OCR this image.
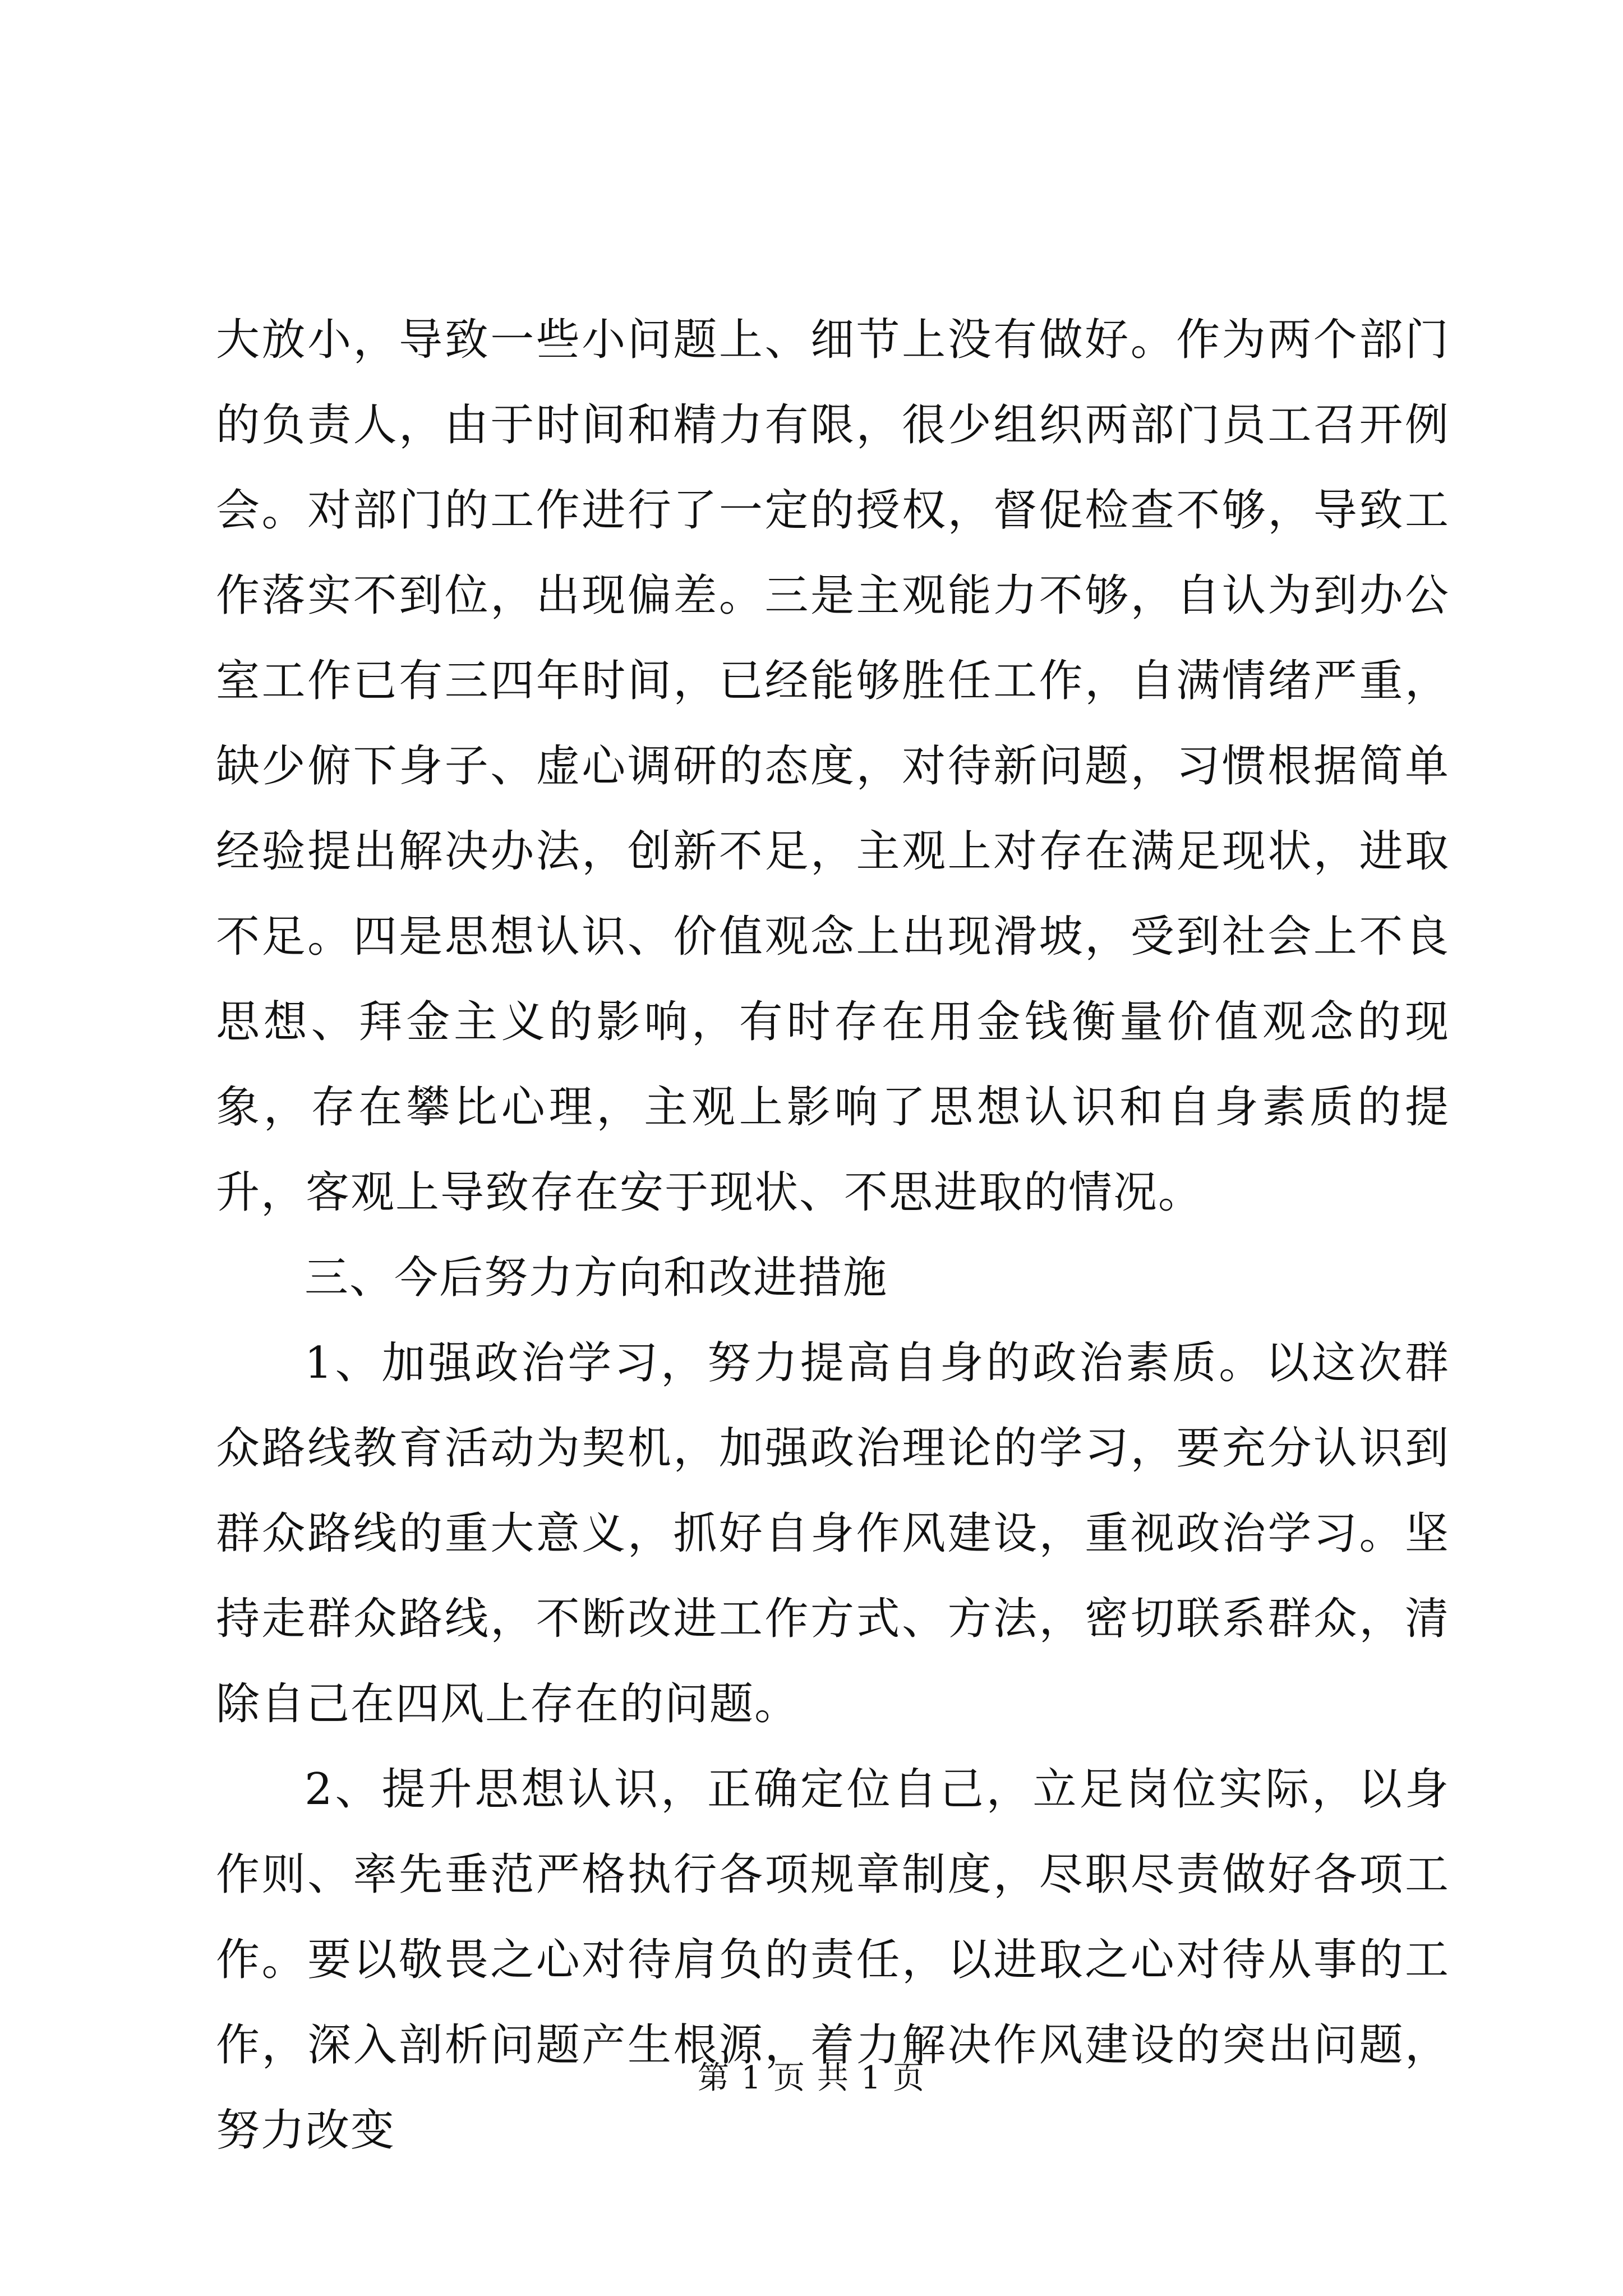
大放小，导致一些小问题上、细节上没有做好。作为两个部门的负责人，由于时间和精力有限，很少组织两部门员工召开例会。对部门的工作进行了一定的授权，督促检查不够，导致工作落实不到位，出现偏差。三是主观能力不够，自认为到办公室工作已有三四年时间，已经能够胜任工作，自满情绪严重，缺少俯下身子、虚心调研的态度，对待新问题，习惯根据简单经验提出解决办法，创新不足，主观上对存在满足现状，进取不足。四是思想认识、价值观念上出现滑坡，受到社会上不良思想、拜金主义的影响，有时存在用金钱衡量价值观念的现象，存在攀比心理，主观上影响了思想认识和自身素质的提升，客观上导致存在安于现状、不思进取的情况。

三、今后努力方向和改进措施

1、加强政治学习，努力提高自身的政治素质。以这次群众路线教育活动为契机，加强政治理论的学习，要充分认识到群众路线的重大意义，抓好自身作风建设，重视政治学习。坚持走群众路线，不断改进工作方式、方法，密切联系群众，清除自己在四风上存在的问题。

2、提升思想认识，正确定位自己，立足岗位实际，以身作则、率先垂范严格执行各项规章制度，尽职尽责做好各项工作。要以敬畏之心对待肩负的责任，以进取之心对待从事的工作，深入剖析问题产生根源，着力解决作风建设的突出问题，努力改变

第 1 页 共 1 页
